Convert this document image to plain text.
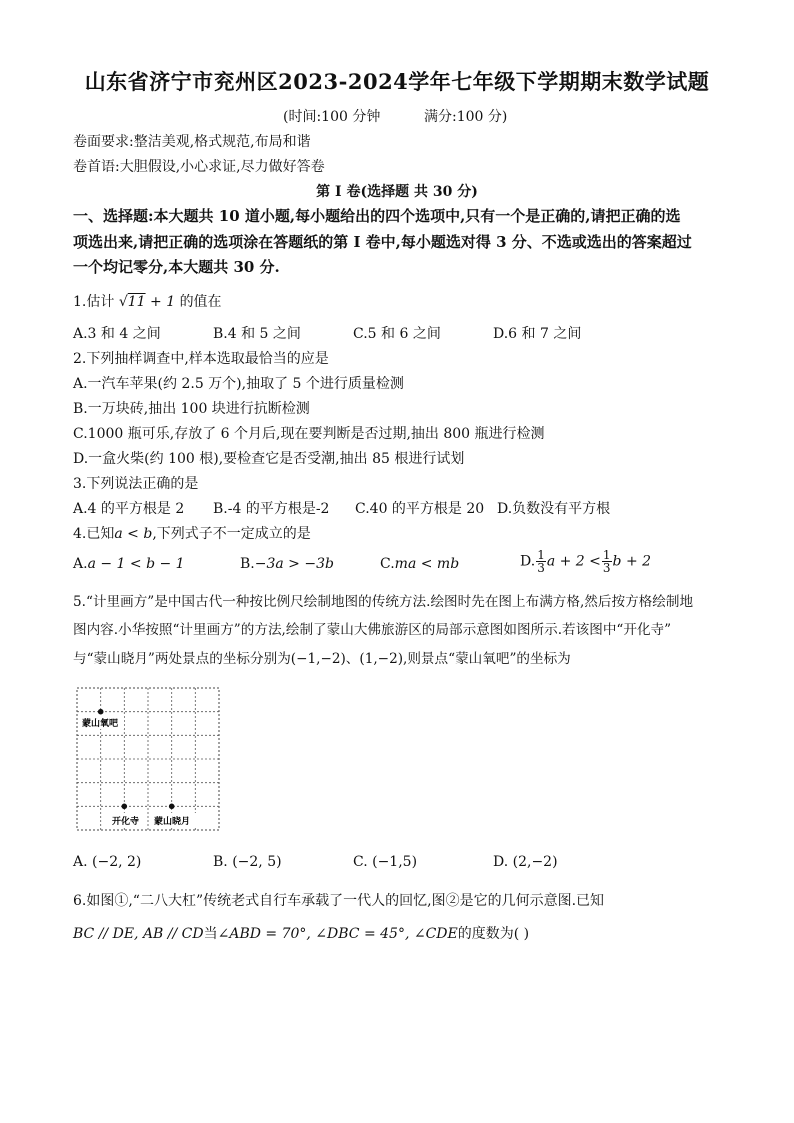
山东省济宁市兖州区2023-2024学年七年级下学期期末数学试题
(时间:100 分钟	满分:100 分)
卷面要求:整洁美观,格式规范,布局和谐
卷首语:大胆假设,小心求证,尽力做好答卷
第 I 卷(选择题 共 30 分)
一、选择题:本大题共 10 道小题,每小题给出的四个选项中,只有一个是正确的,请把正确的选
项选出来,请把正确的选项涂在答题纸的第 I 卷中,每小题选对得 3 分、不选或选出的答案超过
一个均记零分,本大题共 30 分.
1.估计 √11 + 1 的值在
A.3 和 4 之间	B.4 和 5 之间	C.5 和 6 之间	D.6 和 7 之间
2.下列抽样调查中,样本选取最恰当的应是
A.一汽车苹果(约 2.5 万个),抽取了 5 个进行质量检测
B.一万块砖,抽出 100 块进行抗断检测
C.1000 瓶可乐,存放了 6 个月后,现在要判断是否过期,抽出 800 瓶进行检测
D.一盒火柴(约 100 根),要检查它是否受潮,抽出 85 根进行试划
3.下列说法正确的是
A.4 的平方根是 2 B.-4 的平方根是-2 C.40 的平方根是 20 D.负数没有平方根
4.已知a < b,下列式子不一定成立的是
A.a − 1 < b − 1	B.−3a > −3b	C.ma < mb	D. $\frac{1}{3}$ $a + 2 < \frac{1}{3}$ b + 2
5.“计里画方”是中国古代一种按比例尺绘制地图的传统方法.绘图时先在图上布满方格,然后按方格绘制地
图内容.小华按照“计里画方”的方法,绘制了蒙山大佛旅游区的局部示意图如图所示.若该图中“开化寺”
与“蒙山晓月”两处景点的坐标分别为(−1,−2)、(1,−2),则景点“蒙山氧吧”的坐标为
蒙山氧吧
开化寺 蒙山晓月
A. (−2, 2)	B. (−2, 5)	C. (−1,5)	D. (2,−2)
6.如图①,“二八大杠”传统老式自行车承载了一代人的回忆,图②是它的几何示意图.已知
BC // DE, AB // CD当∠ABD = 70°, ∠DBC = 45°, ∠CDE的度数为( )
